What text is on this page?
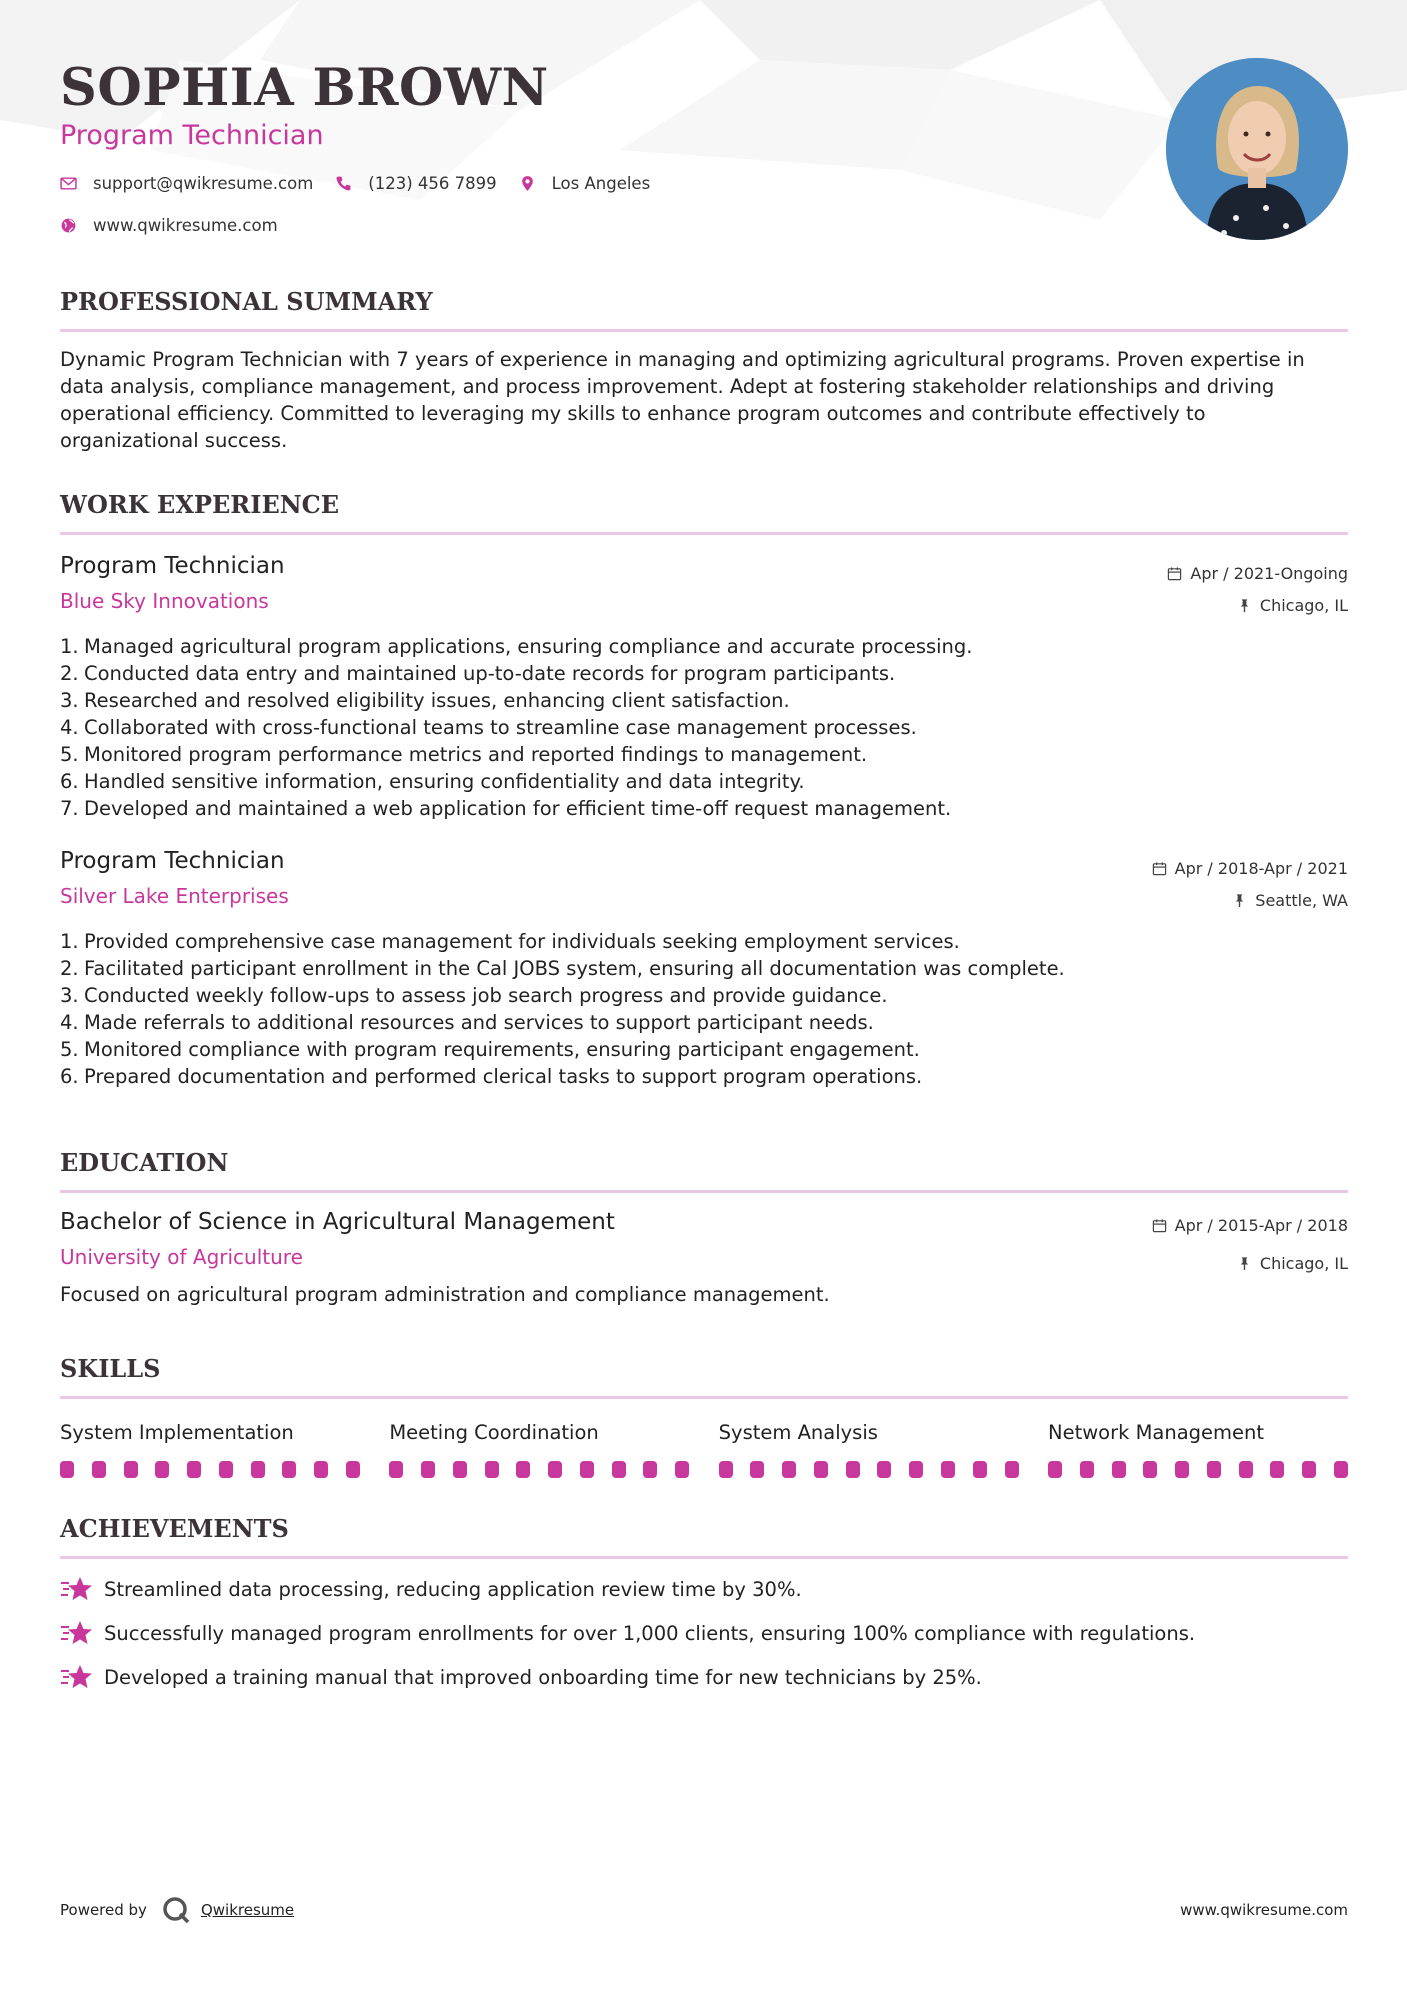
SOPHIA BROWN
Program Technician
support@qwikresume.com	(123) 456 7899	Los Angeles
www.qwikresume.com
PROFESSIONAL SUMMARY
Dynamic Program Technician with 7 years of experience in managing and optimizing agricultural programs. Proven expertise in data analysis, compliance management, and process improvement. Adept at fostering stakeholder relationships and driving operational efficiency. Committed to leveraging my skills to enhance program outcomes and contribute effectively to organizational success.
WORK EXPERIENCE
Program Technician
Blue Sky Innovations
Apr / 2021-Ongoing
Chicago, IL
1. Managed agricultural program applications, ensuring compliance and accurate processing.
2. Conducted data entry and maintained up-to-date records for program participants.
3. Researched and resolved eligibility issues, enhancing client satisfaction.
4. Collaborated with cross-functional teams to streamline case management processes.
5. Monitored program performance metrics and reported findings to management.
6. Handled sensitive information, ensuring confidentiality and data integrity.
7. Developed and maintained a web application for efficient time-off request management.
Program Technician
Silver Lake Enterprises
Apr / 2018-Apr / 2021
Seattle, WA
1. Provided comprehensive case management for individuals seeking employment services.
2. Facilitated participant enrollment in the Cal JOBS system, ensuring all documentation was complete.
3. Conducted weekly follow-ups to assess job search progress and provide guidance.
4. Made referrals to additional resources and services to support participant needs.
5. Monitored compliance with program requirements, ensuring participant engagement.
6. Prepared documentation and performed clerical tasks to support program operations.
EDUCATION
Bachelor of Science in Agricultural Management
University of Agriculture
Apr / 2015-Apr / 2018
Chicago, IL
Focused on agricultural program administration and compliance management.
SKILLS
System Implementation	Meeting Coordination	System Analysis	Network Management
ACHIEVEMENTS
Streamlined data processing, reducing application review time by 30%.
Successfully managed program enrollments for over 1,000 clients, ensuring 100% compliance with regulations.
Developed a training manual that improved onboarding time for new technicians by 25%.
Powered by	Qwikresume	www.qwikresume.com
